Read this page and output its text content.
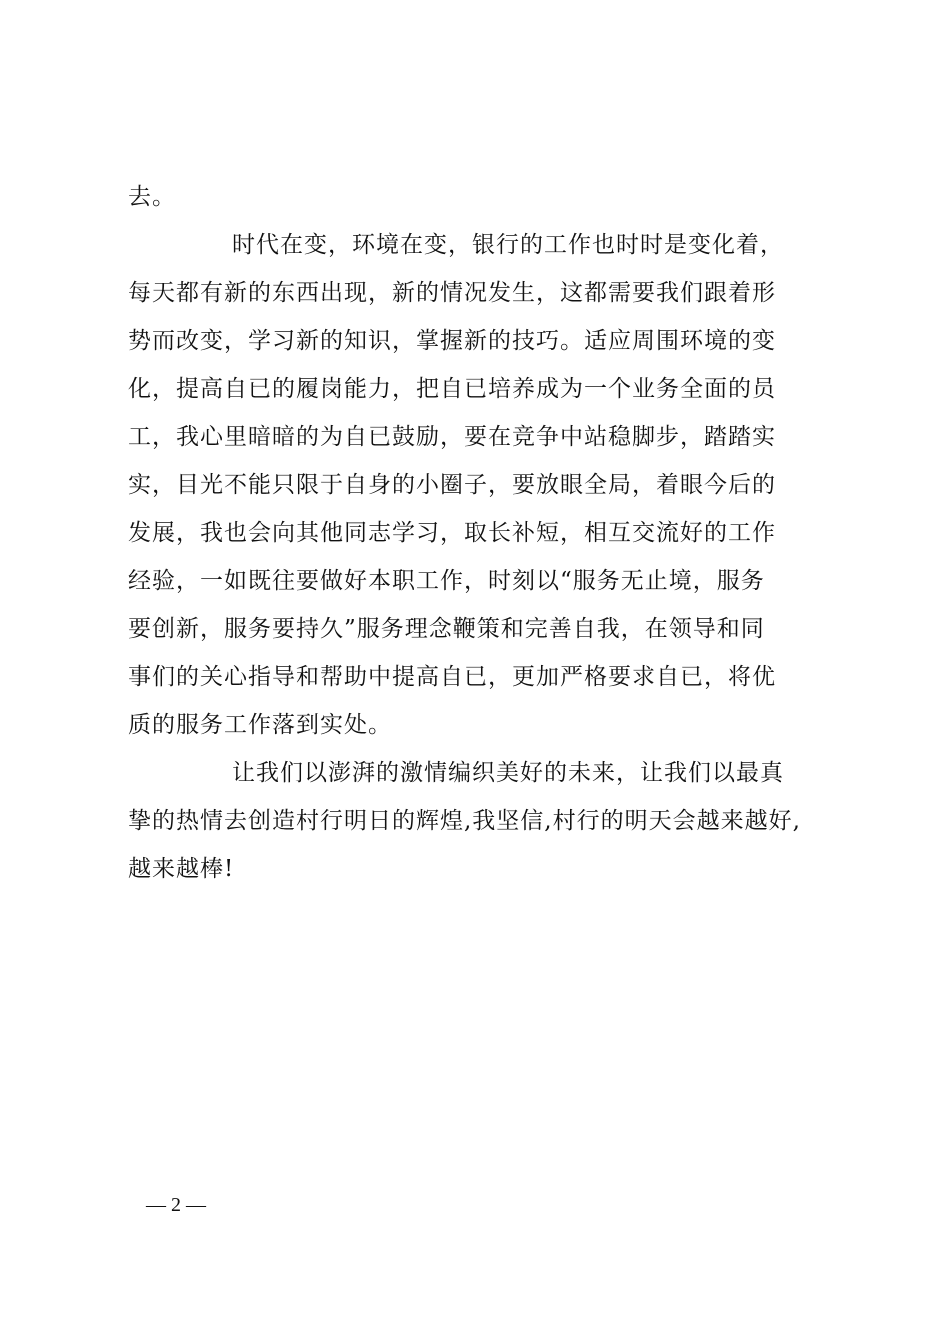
去。
时代在变，环境在变，银行的工作也时时是变化着，
每天都有新的东西出现，新的情况发生，这都需要我们跟着形
势而改变，学习新的知识，掌握新的技巧。适应周围环境的变
化，提高自已的履岗能力，把自已培养成为一个业务全面的员
工，我心里暗暗的为自已鼓励，要在竞争中站稳脚步，踏踏实
实，目光不能只限于自身的小圈子，要放眼全局，着眼今后的
发展，我也会向其他同志学习，取长补短，相互交流好的工作
经验，一如既往要做好本职工作，时刻以“服务无止境，服务
要创新，服务要持久”服务理念鞭策和完善自我，在领导和同
事们的关心指导和帮助中提高自已，更加严格要求自已，将优
质的服务工作落到实处。
让我们以澎湃的激情编织美好的未来，让我们以最真
挚的热情去创造村行明日的辉煌,我坚信,村行的明天会越来越好,
越来越棒!
— 2 —
